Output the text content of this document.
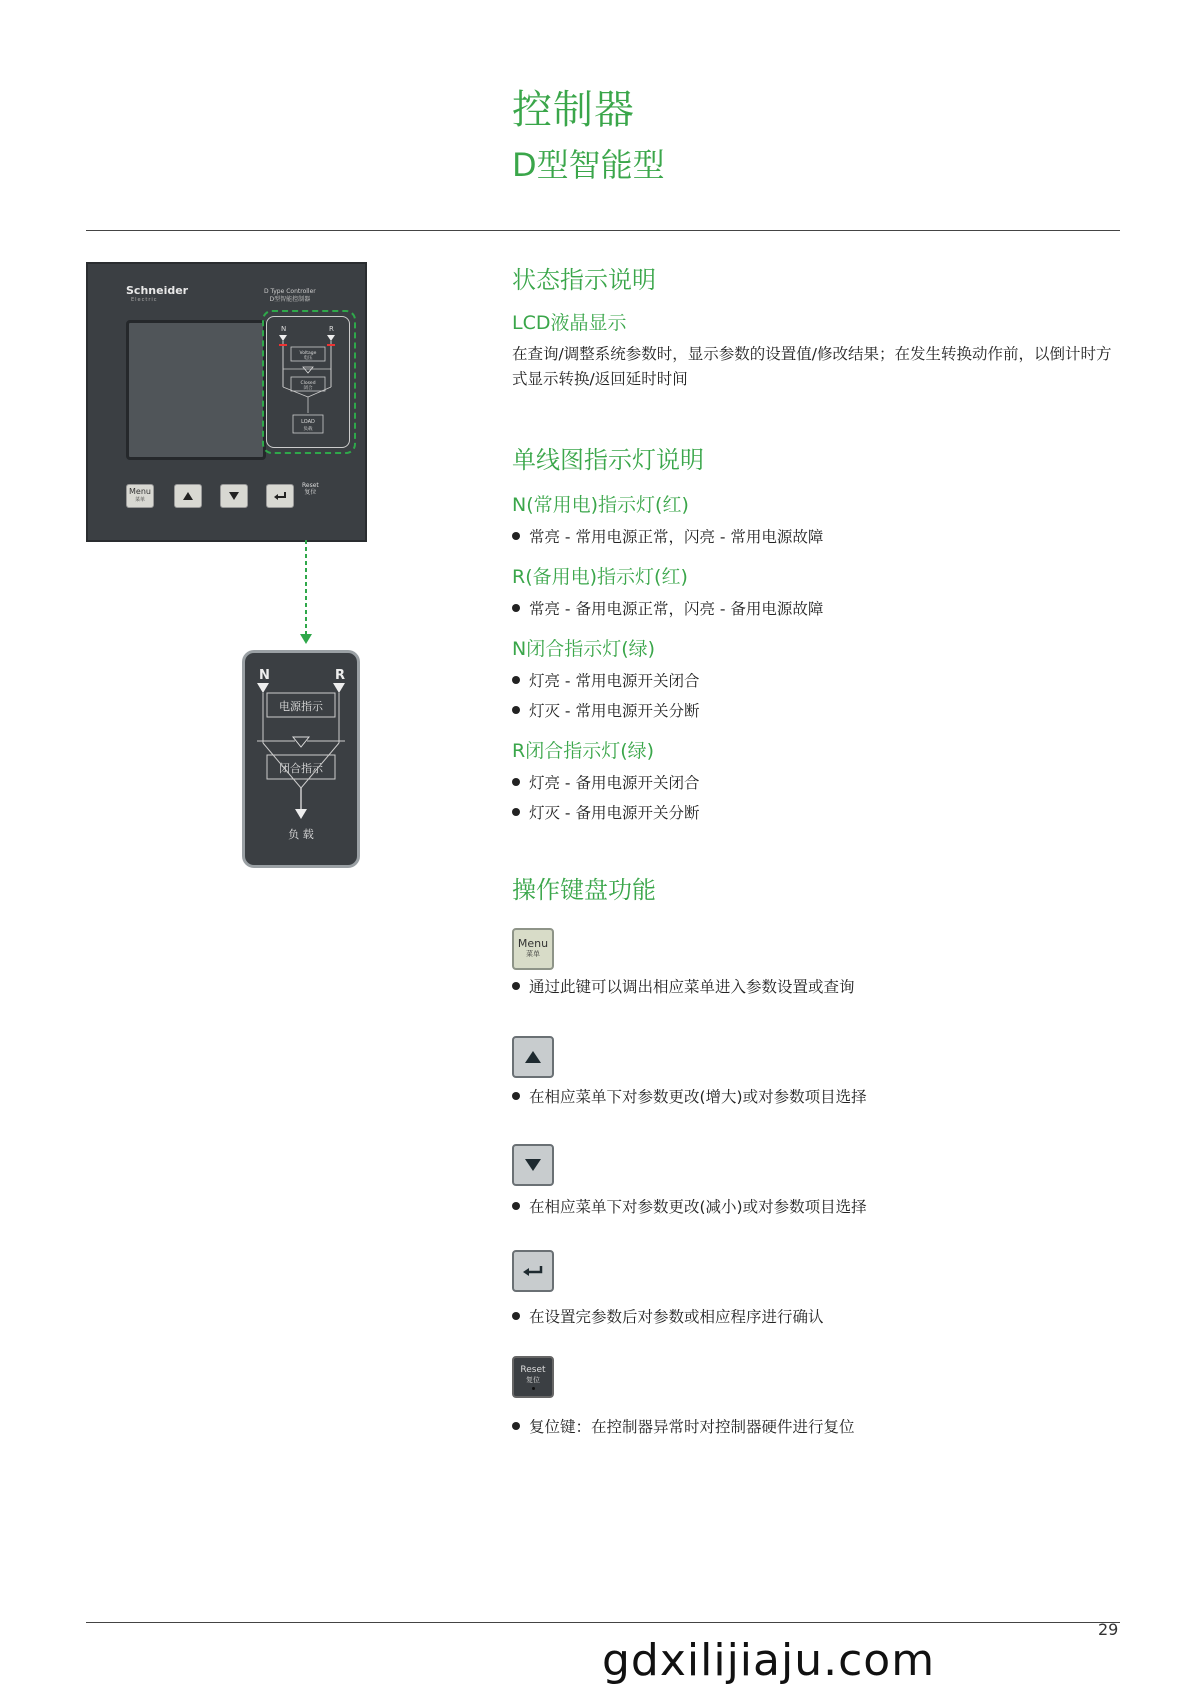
控制器
D型智能型
Schneider
Electric
D Type Controller
D型智能控制器
N	R
Voltage
电压
Closed
闭合
LOAD
负载
Menu
菜单
Reset
复位
N	R
电源指示
闭合指示
负 载
状态指示说明
LCD液晶显示
在查询/调整系统参数时，显示参数的设置值/修改结果；在发生转换动作前，以倒计时方式显示转换/返回延时时间
单线图指示灯说明
N(常用电)指示灯(红)
常亮 - 常用电源正常，闪亮 - 常用电源故障
R(备用电)指示灯(红)
常亮 - 备用电源正常，闪亮 - 备用电源故障
N闭合指示灯(绿)
灯亮 - 常用电源开关闭合
灯灭 - 常用电源开关分断
R闭合指示灯(绿)
灯亮 - 备用电源开关闭合
灯灭 - 备用电源开关分断
操作键盘功能
Menu
菜单
通过此键可以调出相应菜单进入参数设置或查询
在相应菜单下对参数更改(增大)或对参数项目选择
在相应菜单下对参数更改(减小)或对参数项目选择
在设置完参数后对参数或相应程序进行确认
Reset
复位
复位键：在控制器异常时对控制器硬件进行复位
29
gdxilijiaju.com
